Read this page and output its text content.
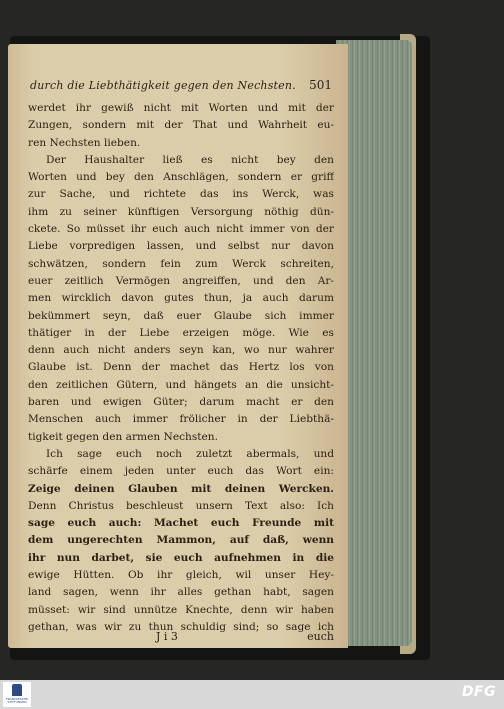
durch die Liebthätigkeit gegen den Nechsten. 501
werdet ihr gewiß nicht mit Worten und mit der
Zungen, sondern mit der That und Wahrheit eu-
ren Nechsten lieben.
Der Haushalter ließ es nicht bey den
Worten und bey den Anschlägen, sondern er griff
zur Sache, und richtete das ins Werck, was
ihm zu seiner künftigen Versorgung nöthig dün-
ckete. So müsset ihr euch auch nicht immer von der
Liebe vorpredigen lassen, und selbst nur davon
schwätzen, sondern fein zum Werck schreiten,
euer zeitlich Vermögen angreiffen, und den Ar-
men wircklich davon gutes thun, ja auch darum
bekümmert seyn, daß euer Glaube sich immer
thätiger in der Liebe erzeigen möge. Wie es
denn auch nicht anders seyn kan, wo nur wahrer
Glaube ist. Denn der machet das Hertz los von
den zeitlichen Gütern, und hängets an die unsicht-
baren und ewigen Güter; darum macht er den
Menschen auch immer frölicher in der Liebthä-
tigkeit gegen den armen Nechsten.
Ich sage euch noch zuletzt abermals, und
schärfe einem jeden unter euch das Wort ein:
Zeige deinen Glauben mit deinen Wercken.
Denn Christus beschleust unsern Text also: Ich
sage euch auch: Machet euch Freunde mit
dem ungerechten Mammon, auf daß, wenn
ihr nun darbet, sie euch aufnehmen in die
ewige Hütten. Ob ihr gleich, wil unser Hey-
land sagen, wenn ihr alles gethan habt, sagen
müsset: wir sind unnütze Knechte, denn wir haben
gethan, was wir zu thun schuldig sind; so sage ich
J i 3	euch
FRANCKESCHE STIFTUNGEN
DFG
